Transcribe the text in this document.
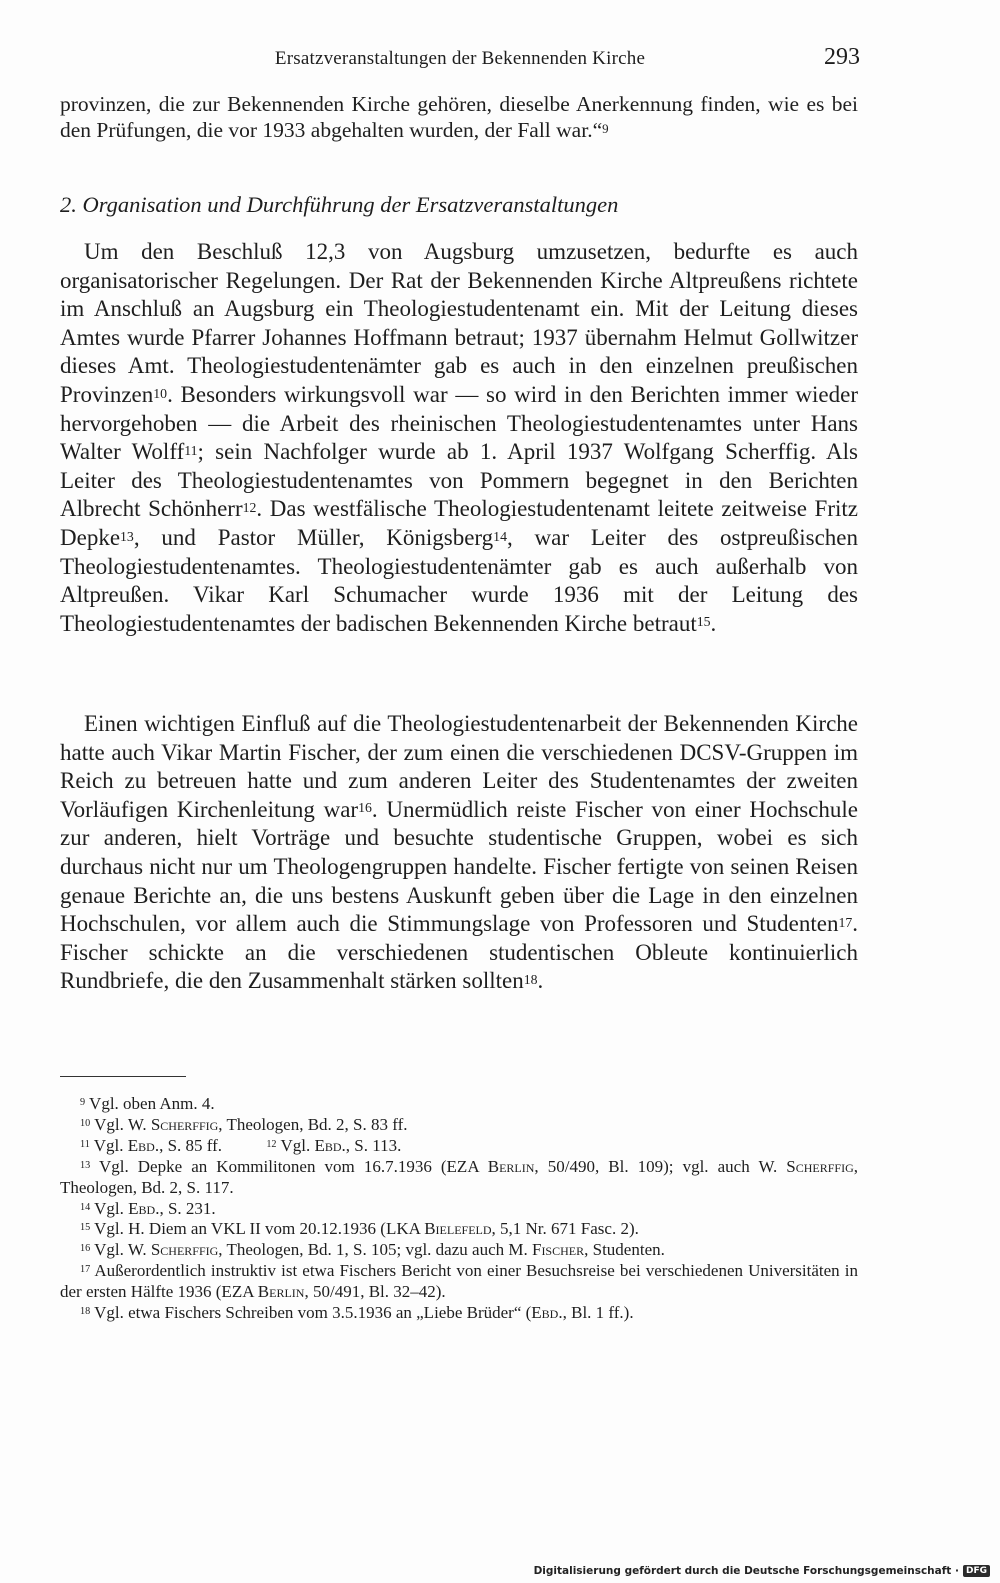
Ersatzveranstaltungen der Bekennenden Kirche	293

provinzen, die zur Bekennenden Kirche gehören, dieselbe Anerkennung finden, wie es bei den Prüfungen, die vor 1933 abgehalten wurden, der Fall war.“$^9$

2. Organisation und Durchführung der Ersatzveranstaltungen

Um den Beschluß 12,3 von Augsburg umzusetzen, bedurfte es auch organisatorischer Regelungen. Der Rat der Bekennenden Kirche Altpreußens richtete im Anschluß an Augsburg ein Theologiestudentenamt ein. Mit der Leitung dieses Amtes wurde Pfarrer Johannes Hoffmann betraut; 1937 übernahm Helmut Gollwitzer dieses Amt. Theologiestudentenämter gab es auch in den einzelnen preußischen Provinzen$^{10}$. Besonders wirkungsvoll war — so wird in den Berichten immer wieder hervorgehoben — die Arbeit des rheinischen Theologiestudentenamtes unter Hans Walter Wolff$^{11}$; sein Nachfolger wurde ab 1. April 1937 Wolfgang Scherffig. Als Leiter des Theologiestudentenamtes von Pommern begegnet in den Berichten Albrecht Schönherr$^{12}$. Das westfälische Theologiestudentenamt leitete zeitweise Fritz Depke$^{13}$, und Pastor Müller, Königsberg$^{14}$, war Leiter des ostpreußischen Theologiestudentenamtes. Theologiestudentenämter gab es auch außerhalb von Altpreußen. Vikar Karl Schumacher wurde 1936 mit der Leitung des Theologiestudentenamtes der badischen Bekennenden Kirche betraut$^{15}$.

Einen wichtigen Einfluß auf die Theologiestudentenarbeit der Bekennenden Kirche hatte auch Vikar Martin Fischer, der zum einen die verschiedenen DCSV-Gruppen im Reich zu betreuen hatte und zum anderen Leiter des Studentenamtes der zweiten Vorläufigen Kirchenleitung war$^{16}$. Unermüdlich reiste Fischer von einer Hochschule zur anderen, hielt Vorträge und besuchte studentische Gruppen, wobei es sich durchaus nicht nur um Theologengruppen handelte. Fischer fertigte von seinen Reisen genaue Berichte an, die uns bestens Auskunft geben über die Lage in den einzelnen Hochschulen, vor allem auch die Stimmungslage von Professoren und Studenten$^{17}$. Fischer schickte an die verschiedenen studentischen Obleute kontinuierlich Rundbriefe, die den Zusammenhalt stärken sollten$^{18}$.

$^9$ Vgl. oben Anm. 4.

$^{10}$ Vgl. W. Scherffig, Theologen, Bd. 2, S. 83 ff.

$^{11}$ Vgl. Ebd., S. 85 ff.	$^{12}$ Vgl. Ebd., S. 113.

$^{13}$ Vgl. Depke an Kommilitonen vom 16.7.1936 (EZA Berlin, 50/490, Bl. 109); vgl. auch W. Scherffig, Theologen, Bd. 2, S. 117.

$^{14}$ Vgl. Ebd., S. 231.

$^{15}$ Vgl. H. Diem an VKL II vom 20.12.1936 (LKA Bielefeld, 5,1 Nr. 671 Fasc. 2).

$^{16}$ Vgl. W. Scherffig, Theologen, Bd. 1, S. 105; vgl. dazu auch M. Fischer, Studenten.

$^{17}$ Außerordentlich instruktiv ist etwa Fischers Bericht von einer Besuchsreise bei verschiedenen Universitäten in der ersten Hälfte 1936 (EZA Berlin, 50/491, Bl. 32–42).

$^{18}$ Vgl. etwa Fischers Schreiben vom 3.5.1936 an „Liebe Brüder“ (Ebd., Bl. 1 ff.).

Digitalisierung gefördert durch die Deutsche Forschungsgemeinschaft · DFG
